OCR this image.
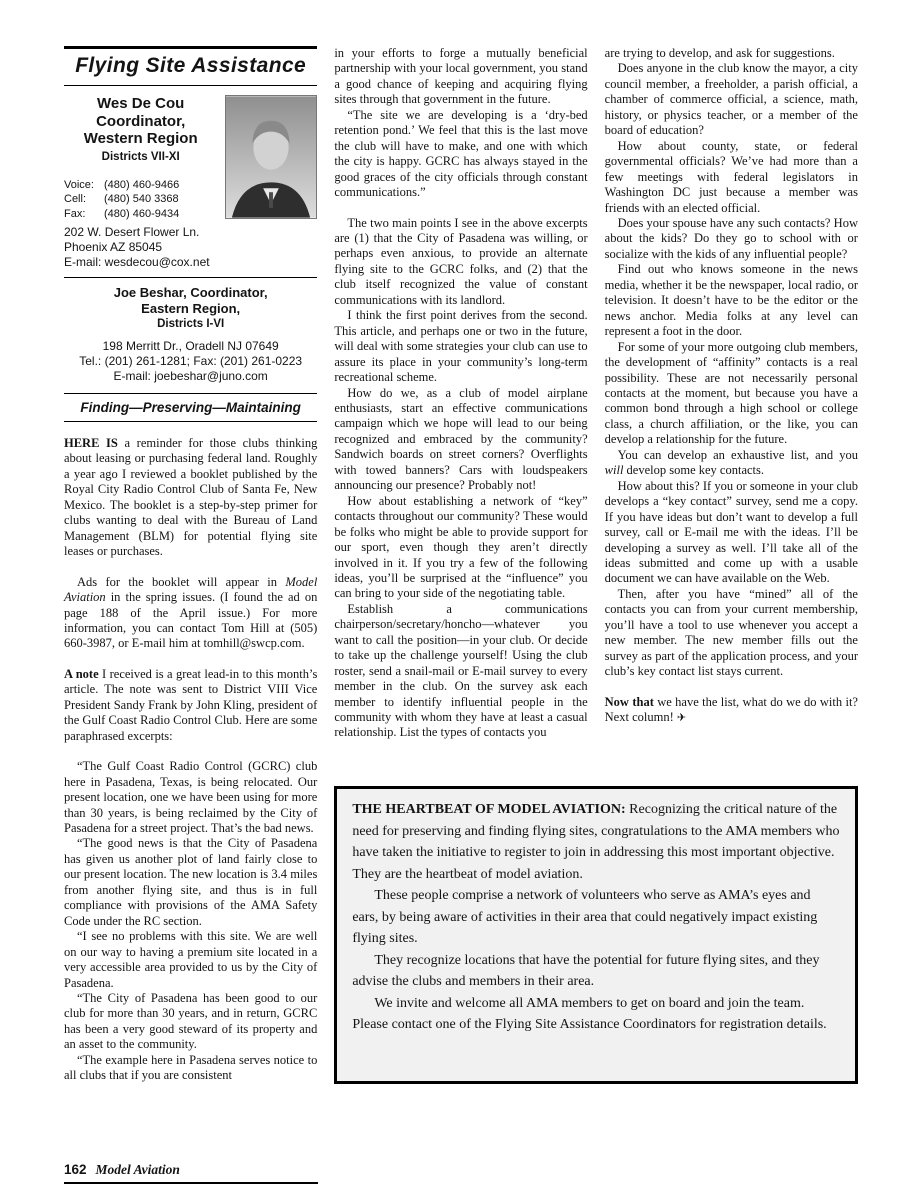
Flying Site Assistance
Wes De Cou
Coordinator,
Western Region
Districts VII-XI
Voice: (480) 460-9466
Cell:	(480) 540 3368
Fax:	(480) 460-9434
202 W. Desert Flower Ln.
Phoenix AZ 85045
E-mail: wesdecou@cox.net
Joe Beshar, Coordinator,
Eastern Region,
Districts I-VI
198 Merritt Dr., Oradell NJ 07649
Tel.: (201) 261-1281; Fax: (201) 261-0223
E-mail: joebeshar@juno.com
Finding—Preserving—Maintaining

HERE IS a reminder for those clubs thinking about leasing or purchasing federal land. Roughly a year ago I reviewed a booklet published by the Royal City Radio Control Club of Santa Fe, New Mexico. The booklet is a step-by-step primer for clubs wanting to deal with the Bureau of Land Management (BLM) for potential flying site leases or purchases.

Ads for the booklet will appear in Model Aviation in the spring issues. (I found the ad on page 188 of the April issue.) For more information, you can contact Tom Hill at (505) 660-3987, or E-mail him at tomhill@swcp.com.

A note I received is a great lead-in to this month’s article. The note was sent to District VIII Vice President Sandy Frank by John Kling, president of the Gulf Coast Radio Control Club. Here are some paraphrased excerpts:

“The Gulf Coast Radio Control (GCRC) club here in Pasadena, Texas, is being relocated. Our present location, one we have been using for more than 30 years, is being reclaimed by the City of Pasadena for a street project. That’s the bad news.

“The good news is that the City of Pasadena has given us another plot of land fairly close to our present location. The new location is 3.4 miles from another flying site, and thus is in full compliance with provisions of the AMA Safety Code under the RC section.

“I see no problems with this site. We are well on our way to having a premium site located in a very accessible area provided to us by the City of Pasadena.

“The City of Pasadena has been good to our club for more than 30 years, and in return, GCRC has been a very good steward of its property and an asset to the community.

“The example here in Pasadena serves notice to all clubs that if you are consistent

in your efforts to forge a mutually beneficial partnership with your local government, you stand a good chance of keeping and acquiring flying sites through that government in the future.

“The site we are developing is a ‘dry-bed retention pond.’ We feel that this is the last move the club will have to make, and one with which the city is happy. GCRC has always stayed in the good graces of the city officials through constant communications.”

The two main points I see in the above excerpts are (1) that the City of Pasadena was willing, or perhaps even anxious, to provide an alternate flying site to the GCRC folks, and (2) that the club itself recognized the value of constant communications with its landlord.

I think the first point derives from the second. This article, and perhaps one or two in the future, will deal with some strategies your club can use to assure its place in your community’s long-term recreational scheme.

How do we, as a club of model airplane enthusiasts, start an effective communications campaign which we hope will lead to our being recognized and embraced by the community? Sandwich boards on street corners? Overflights with towed banners? Cars with loudspeakers announcing our presence? Probably not!

How about establishing a network of “key” contacts throughout our community? These would be folks who might be able to provide support for our sport, even though they aren’t directly involved in it. If you try a few of the following ideas, you’ll be surprised at the “influence” you can bring to your side of the negotiating table.

Establish a communications chairperson/secretary/honcho—whatever you want to call the position—in your club. Or decide to take up the challenge yourself! Using the club roster, send a snail-mail or E-mail survey to every member in the club. On the survey ask each member to identify influential people in the community with whom they have at least a casual relationship. List the types of contacts you

are trying to develop, and ask for suggestions.

Does anyone in the club know the mayor, a city council member, a freeholder, a parish official, a chamber of commerce official, a science, math, history, or physics teacher, or a member of the board of education?

How about county, state, or federal governmental officials? We’ve had more than a few meetings with federal legislators in Washington DC just because a member was friends with an elected official.

Does your spouse have any such contacts? How about the kids? Do they go to school with or socialize with the kids of any influential people?

Find out who knows someone in the news media, whether it be the newspaper, local radio, or television. It doesn’t have to be the editor or the news anchor. Media folks at any level can represent a foot in the door.

For some of your more outgoing club members, the development of “affinity” contacts is a real possibility. These are not necessarily personal contacts at the moment, but because you have a common bond through a high school or college class, a church affiliation, or the like, you can develop a relationship for the future.

You can develop an exhaustive list, and you will develop some key contacts.

How about this? If you or someone in your club develops a “key contact” survey, send me a copy. If you have ideas but don’t want to develop a full survey, call or E-mail me with the ideas. I’ll be developing a survey as well. I’ll take all of the ideas submitted and come up with a usable document we can have available on the Web.

Then, after you have “mined” all of the contacts you can from your current membership, you’ll have a tool to use whenever you accept a new member. The new member fills out the survey as part of the application process, and your club’s key contact list stays current.

Now that we have the list, what do we do with it? Next column! ✈

THE HEARTBEAT OF MODEL AVIATION: Recognizing the critical nature of the need for preserving and finding flying sites, congratulations to the AMA members who have taken the initiative to register to join in addressing this most important objective. They are the heartbeat of model aviation.

These people comprise a network of volunteers who serve as AMA’s eyes and ears, by being aware of activities in their area that could negatively impact existing flying sites.

They recognize locations that have the potential for future flying sites, and they advise the clubs and members in their area.

We invite and welcome all AMA members to get on board and join the team. Please contact one of the Flying Site Assistance Coordinators for registration details.

162 Model Aviation
